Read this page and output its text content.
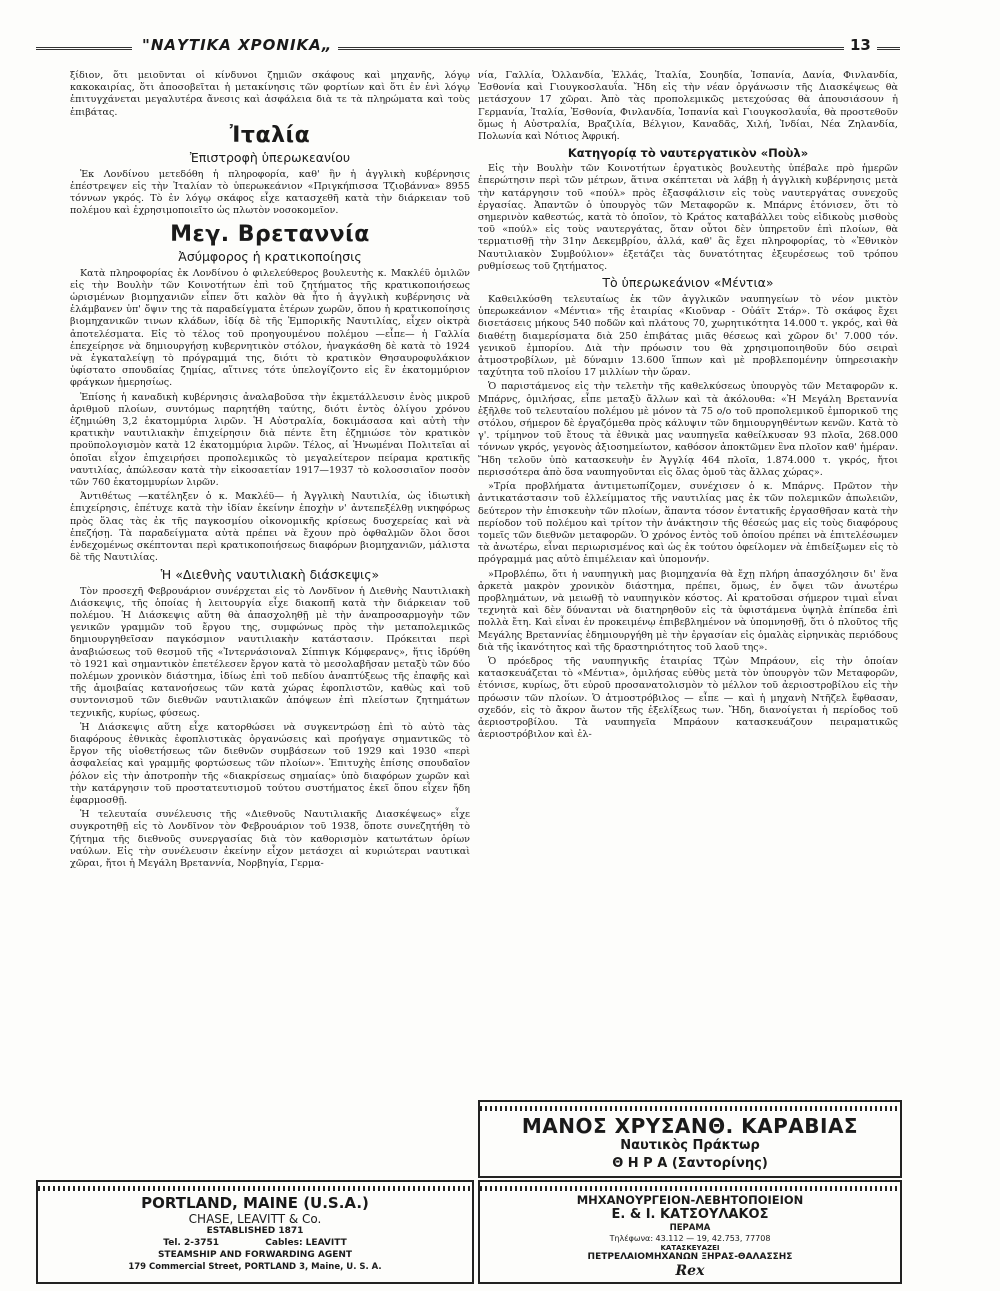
"ΝΑΥΤΙΚΑ ΧΡΟΝΙΚΑ„	13

ξίδιον, ὅτι μειοῦνται οἱ κίνδυνοι ζημιῶν σκάφους καὶ μηχανῆς, λόγῳ κακοκαιρίας, ὅτι ἀποσοβεῖται ἡ μετακίνησις τῶν φορτίων καὶ ὅτι ἐν ἑνὶ λόγῳ ἐπιτυγχάνεται μεγαλυτέρα ἄνεσις καὶ ἀσφάλεια διὰ τε τὰ πληρώματα καὶ τοὺς ἐπιβάτας.

Ἰταλία
Ἐπιστροφὴ ὑπερωκεανίου

Ἐκ Λονδίνου μετεδόθη ἡ πληροφορία, καθ' ἣν ἡ ἀγγλικὴ κυβέρνησις ἐπέστρεψεν εἰς τὴν Ἰταλίαν τὸ ὑπερωκεάνιον «Πριγκήπισσα Τζιοβάννα» 8955 τόννων γκρός. Τὸ ἐν λόγῳ σκάφος εἶχε κατασχεθῆ κατὰ τὴν διάρκειαν τοῦ πολέμου καὶ ἐχρησιμοποιεῖτο ὡς πλωτὸν νοσοκομεῖον.

Μεγ. Βρεταννία
Ἀσύμφορος ἡ κρατικοποίησις

Κατὰ πληροφορίας ἐκ Λονδίνου ὁ φιλελεύθερος βουλευτὴς κ. Μακλέϋ ὁμιλῶν εἰς τὴν Βουλὴν τῶν Κοινοτήτων ἐπὶ τοῦ ζητήματος τῆς κρατικοποιήσεως ὡρισμένων βιομηχανιῶν εἶπεν ὅτι καλὸν θὰ ἦτο ἡ ἀγγλικὴ κυβέρνησις νὰ ἐλάμβανεν ὑπ' ὄψιν της τὰ παραδείγματα ἑτέρων χωρῶν, ὅπου ἡ κρατικοποίησις βιομηχανικῶν τινων κλάδων, ἰδίᾳ δὲ τῆς Ἐμπορικῆς Ναυτιλίας, εἶχεν οἰκτρὰ ἀποτελέσματα. Εἰς τὸ τέλος τοῦ προηγουμένου πολέμου —εἶπε— ἡ Γαλλία ἐπεχείρησε νὰ δημιουργήσῃ κυβερνητικὸν στόλον, ἠναγκάσθη δὲ κατὰ τὸ 1924 νὰ ἐγκαταλείψῃ τὸ πρόγραμμά της, διότι τὸ κρατικὸν Θησαυροφυλάκιον ὑφίστατο σπουδαίας ζημίας, αἵτινες τότε ὑπελογίζοντο εἰς ἓν ἑκατομμύριον φράγκων ἡμερησίως.

Ἐπίσης ἡ καναδικὴ κυβέρνησις ἀναλαβοῦσα τὴν ἐκμετάλλευσιν ἑνὸς μικροῦ ἀριθμοῦ πλοίων, συντόμως παρητήθη ταύτης, διότι ἐντὸς ὀλίγου χρόνου ἐζημιώθη 3,2 ἑκατομμύρια λιρῶν. Ἡ Αὐστραλία, δοκιμάσασα καὶ αὐτὴ τὴν κρατικὴν ναυτιλιακὴν ἐπιχείρησιν διὰ πέντε ἔτη ἐζημιώσε τὸν κρατικὸν προϋπολογισμὸν κατὰ 12 ἑκατομμύρια λιρῶν. Τέλος, αἱ Ἡνωμέναι Πολιτεῖαι αἱ ὁποῖαι εἶχον ἐπιχειρήσει προπολεμικῶς τὸ μεγαλείτερον πείραμα κρατικῆς ναυτιλίας, ἀπώλεσαν κατὰ τὴν εἰκοσαετίαν 1917—1937 τὸ κολοσσιαῖον ποσὸν τῶν 760 ἑκατομμυρίων λιρῶν.

Ἀντιθέτως —κατέληξεν ὁ κ. Μακλέϋ— ἡ Ἀγγλικὴ Ναυτιλία, ὡς ἰδιωτικὴ ἐπιχείρησις, ἐπέτυχε κατὰ τὴν ἰδίαν ἐκείνην ἐποχὴν ν' ἀντεπεξέλθῃ νικηφόρως πρὸς ὅλας τὰς ἐκ τῆς παγκοσμίου οἰκονομικῆς κρίσεως δυσχερείας καὶ νὰ ἐπεζήσῃ. Τὰ παραδείγματα αὐτὰ πρέπει νὰ ἔχουν πρὸ ὀφθαλμῶν ὅλοι ὅσοι ἐνδεχομένως σκέπτονται περὶ κρατικοποιήσεως διαφόρων βιομηχανιῶν, μάλιστα δὲ τῆς Ναυτιλίας.

Ἡ «Διεθνὴς ναυτιλιακὴ διάσκεψις»

Τὸν προσεχῆ Φεβρουάριον συνέρχεται εἰς τὸ Λονδῖνον ἡ Διεθνὴς Ναυτιλιακὴ Διάσκεψις, τῆς ὁποίας ἡ λειτουργία εἶχε διακοπῆ κατὰ τὴν διάρκειαν τοῦ πολέμου. Ἡ Διάσκεψις αὕτη θὰ ἀπασχοληθῇ μὲ τὴν ἀναπροσαρμογὴν τῶν γενικῶν γραμμῶν τοῦ ἔργου της, συμφώνως πρὸς τὴν μεταπολεμικῶς δημιουργηθεῖσαν παγκόσμιον ναυτιλιακὴν κατάστασιν. Πρόκειται περὶ ἀναβιώσεως τοῦ θεσμοῦ τῆς «Ἰντερνάσιοναλ Σίππιγκ Κόμφερανς», ἥτις ἱδρύθη τὸ 1921 καὶ σημαντικὸν ἐπετέλεσεν ἔργον κατὰ τὸ μεσολαβῆσαν μεταξὺ τῶν δύο πολέμων χρονικὸν διάστημα, ἰδίως ἐπὶ τοῦ πεδίου ἀναπτύξεως τῆς ἐπαφῆς καὶ τῆς ἀμοιβαίας κατανοήσεως τῶν κατὰ χώρας ἐφοπλιστῶν, καθὼς καὶ τοῦ συντονισμοῦ τῶν διεθνῶν ναυτιλιακῶν ἀπόψεων ἐπὶ πλείστων ζητημάτων τεχνικῆς, κυρίως, φύσεως.

Ἡ Διάσκεψις αὕτη εἶχε κατορθώσει νὰ συγκεντρώσῃ ἐπὶ τὸ αὐτὸ τὰς διαφόρους ἐθνικὰς ἐφοπλιστικὰς ὀργανώσεις καὶ προήγαγε σημαντικῶς τὸ ἔργον τῆς υἱοθετήσεως τῶν διεθνῶν συμβάσεων τοῦ 1929 καὶ 1930 «περὶ ἀσφαλείας καὶ γραμμῆς φορτώσεως τῶν πλοίων». Ἐπιτυχὴς ἐπίσης σπουδαῖον ῥόλον εἰς τὴν ἀποτροπὴν τῆς «διακρίσεως σημαίας» ὑπὸ διαφόρων χωρῶν καὶ τὴν κατάργησιν τοῦ προστατευτισμοῦ τούτου συστήματος ἐκεῖ ὅπου εἶχεν ἤδη ἐφαρμοσθῇ.

Ἡ τελευταία συνέλευσις τῆς «Διεθνοῦς Ναυτιλιακῆς Διασκέψεως» εἶχε συγκροτηθῇ εἰς τὸ Λονδῖνον τὸν Φεβρουάριον τοῦ 1938, ὅποτε συνεζητήθη τὸ ζήτημα τῆς διεθνοῦς συνεργασίας διὰ τὸν καθορισμὸν κατωτάτων ὁρίων ναύλων. Εἰς τὴν συνέλευσιν ἐκείνην εἶχον μετάσχει αἱ κυριώτεραι ναυτικαὶ χῶραι, ἤτοι ἡ Μεγάλη Βρεταννία, Νορβηγία, Γερμα-

νία, Γαλλία, Ὀλλανδία, Ἑλλάς, Ἰταλία, Σουηδία, Ἱσπανία, Δανία, Φινλανδία, Ἐσθονία καὶ Γιουγκοσλαυΐα. Ἤδη εἰς τὴν νέαν ὀργάνωσιν τῆς Διασκέψεως θὰ μετάσχουν 17 χῶραι. Ἀπὸ τὰς προπολεμικῶς μετεχούσας θὰ ἀπουσιάσουν ἡ Γερμανία, Ἰταλία, Ἐσθονία, Φινλανδία, Ἱσπανία καὶ Γιουγκοσλαυΐα, θὰ προστεθοῦν ὅμως ἡ Αὐστραλία, Βραζιλία, Βέλγιον, Καναδᾶς, Χιλή, Ἰνδίαι, Νέα Ζηλανδία, Πολωνία καὶ Νότιος Ἀφρική.

Κατηγορίᾳ τὸ ναυτεργατικὸν «Ποὺλ»

Εἰς τὴν Βουλὴν τῶν Κοινοτήτων ἐργατικὸς βουλευτὴς ὑπέβαλε πρὸ ἡμερῶν ἐπερώτησιν περὶ τῶν μέτρων, ἅτινα σκέπτεται νὰ λάβῃ ἡ ἀγγλικὴ κυβέρνησις μετὰ τὴν κατάργησιν τοῦ «πούλ» πρὸς ἐξασφάλισιν εἰς τοὺς ναυτεργάτας συνεχοῦς ἐργασίας. Ἀπαντῶν ὁ ὑπουργὸς τῶν Μεταφορῶν κ. Μπάρνς ἐτόνισεν, ὅτι τὸ σημερινὸν καθεστώς, κατὰ τὸ ὁποῖον, τὸ Κράτος καταβάλλει τοὺς εἰδικοὺς μισθοὺς τοῦ «πούλ» εἰς τοὺς ναυτεργάτας, ὅταν οὗτοι δὲν ὑπηρετοῦν ἐπὶ πλοίων, θὰ τερματισθῇ τὴν 31ην Δεκεμβρίου, ἀλλά, καθ' ἃς ἔχει πληροφορίας, τὸ «Ἐθνικὸν Ναυτιλιακὸν Συμβούλιον» ἐξετάζει τὰς δυνατότητας ἐξευρέσεως τοῦ τρόπου ρυθμίσεως τοῦ ζητήματος.

Τὸ ὑπερωκεάνιον «Μέντια»

Καθειλκύσθη τελευταίως ἐκ τῶν ἀγγλικῶν ναυπηγείων τὸ νέον μικτὸν ὑπερωκεάνιον «Μέντια» τῆς ἑταιρίας «Κιοῦναρ - Οὐάϊτ Στάρ». Τὸ σκάφος ἔχει δισετάσεις μήκους 540 ποδῶν καὶ πλάτους 70, χωρητικότητα 14.000 τ. γκρός, καὶ θὰ διαθέτῃ διαμερίσματα διὰ 250 ἐπιβάτας μιᾶς θέσεως καὶ χῶρον δι' 7.000 τόν. γενικοῦ ἐμπορίου. Διὰ τὴν πρόωσιν του θὰ χρησιμοποιηθοῦν δύο σειραὶ ἀτμοστροβίλων, μὲ δύναμιν 13.600 ἵππων καὶ μὲ προβλεπομένην ὑπηρεσιακὴν ταχύτητα τοῦ πλοίου 17 μιλλίων τὴν ὥραν.

Ὁ παριστάμενος εἰς τὴν τελετὴν τῆς καθελκύσεως ὑπουργὸς τῶν Μεταφορῶν κ. Μπάρνς, ὁμιλήσας, εἶπε μεταξὺ ἄλλων καὶ τὰ ἀκόλουθα: «Ἡ Μεγάλη Βρεταννία ἐξῆλθε τοῦ τελευταίου πολέμου μὲ μόνον τὰ 75 ο/ο τοῦ προπολεμικοῦ ἐμπορικοῦ της στόλου, σήμερον δὲ ἐργαζόμεθα πρὸς κάλυψιν τῶν δημιουργηθέντων κενῶν. Κατὰ τὸ γ'. τρίμηνον τοῦ ἔτους τὰ ἐθνικὰ μας ναυπηγεῖα καθείλκυσαν 93 πλοῖα, 268.000 τόννων γκρός, γεγονὸς ἀξιοσημείωτον, καθόσον ἀποκτῶμεν ἓνα πλοῖον καθ' ἡμέραν. Ἤδη τελοῦν ὑπὸ κατασκευὴν ἐν Ἀγγλίᾳ 464 πλοῖα, 1.874.000 τ. γκρός, ἤτοι περισσότερα ἀπὸ ὅσα ναυπηγοῦνται εἰς ὅλας ὁμοῦ τὰς ἄλλας χώρας».

»Τρία προβλήματα ἀντιμετωπίζομεν, συνέχισεν ὁ κ. Μπάρνς. Πρῶτον τὴν ἀντικατάστασιν τοῦ ἐλλείμματος τῆς ναυτιλίας μας ἐκ τῶν πολεμικῶν ἀπωλειῶν, δεύτερον τὴν ἐπισκευὴν τῶν πλοίων, ἅπαντα τόσον ἐντατικῆς ἐργασθῆσαν κατὰ τὴν περίοδον τοῦ πολέμου καὶ τρίτον τὴν ἀνάκτησιν τῆς θέσεώς μας εἰς τοὺς διαφόρους τομεῖς τῶν διεθνῶν μεταφορῶν. Ὁ χρόνος ἐντὸς τοῦ ὁποίου πρέπει νὰ ἐπιτελέσωμεν τὰ ἀνωτέρω, εἶναι περιωρισμένος καὶ ὡς ἐκ τούτου ὀφείλομεν νὰ ἐπιδείξωμεν εἰς τὸ πρόγραμμά μας αὐτὸ ἐπιμέλειαν καὶ ὑπομονήν.

»Προβλέπω, ὅτι ἡ ναυπηγικὴ μας βιομηχανία θὰ ἔχῃ πλήρη ἀπασχόλησιν δι' ἕνα ἀρκετὰ μακρὸν χρονικὸν διάστημα, πρέπει, ὅμως, ἐν ὄψει τῶν ἀνωτέρω προβλημάτων, νὰ μειωθῇ τὸ ναυπηγικὸν κόστος. Αἱ κρατοῦσαι σήμερον τιμαὶ εἶναι τεχνητὰ καὶ δὲν δύνανται νὰ διατηρηθοῦν εἰς τὰ ὑφιστάμενα ὑψηλὰ ἐπίπεδα ἐπὶ πολλὰ ἔτη. Καὶ εἶναι ἐν προκειμένῳ ἐπιβεβλημένον νὰ ὑπομνησθῇ, ὅτι ὁ πλοῦτος τῆς Μεγάλης Βρεταννίας ἐδημιουργήθη μὲ τὴν ἐργασίαν εἰς ὁμαλὰς εἰρηνικὰς περιόδους διὰ τῆς ἱκανότητος καὶ τῆς δραστηριότητος τοῦ λαοῦ της».

Ὁ πρόεδρος τῆς ναυπηγικῆς ἑταιρίας Τζὼν Μπράουν, εἰς τὴν ὁποίαν κατασκευάζεται τὸ «Μέντια», ὁμιλήσας εὐθὺς μετὰ τὸν ὑπουργὸν τῶν Μεταφορῶν, ἐτόνισε, κυρίως, ὅτι εὑροῦ προσανατολισμὸν τὸ μέλλον τοῦ ἀεριοστροβίλου εἰς τὴν πρόωσιν τῶν πλοίων. Ὁ ἀτμοστρόβιλος — εἶπε — καὶ ἡ μηχανὴ Ντῆζελ ἔφθασαν, σχεδόν, εἰς τὸ ἄκρον ἄωτον τῆς ἐξελίξεως των. Ἤδη, διανοίγεται ἡ περίοδος τοῦ ἀεριοστροβίλου. Τὰ ναυπηγεῖα Μπράουν κατασκευάζουν πειραματικῶς ἀεριοστρόβιλον καὶ ἐλ-

ΜΑΝΟΣ ΧΡΥΣΑΝΘ. ΚΑΡΑΒΙΑΣ
Ναυτικὸς Πράκτωρ
Θ Η Ρ Α (Σαντορίνης)
PORTLAND, MAINE (U.S.A.)
CHASE, LEAVITT & Co.
ESTABLISHED 1871
Tel. 2-3751	Cables: LEAVITT
STEAMSHIP AND FORWARDING AGENT
179 Commercial Street, PORTLAND 3, Maine, U. S. A.
ΜΗΧΑΝΟΥΡΓΕΙΟΝ-ΛΕΒΗΤΟΠΟΙΕΙΟΝ
Ε. & Ι. ΚΑΤΣΟΥΛΑΚΟΣ
ΠΕΡΑΜΑ
Τηλέφωνα: 43.112 — 19, 42.753, 77708
ΚΑΤΑΣΚΕΥΑΖΕΙ
ΠΕΤΡΕΛΑΙΟΜΗΧΑΝΩΝ ΞΗΡΑΣ-ΘΑΛΑΣΣΗΣ
Rex
